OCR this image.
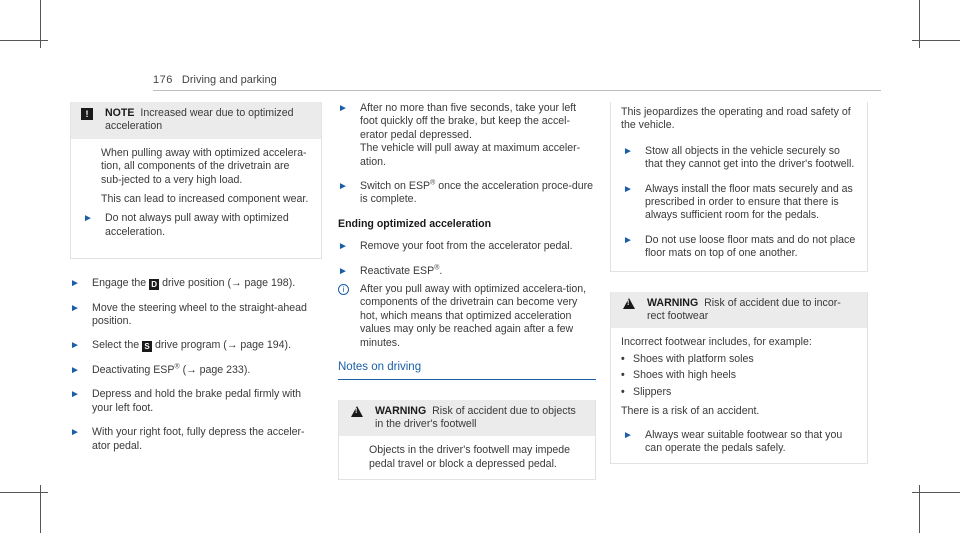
176 Driving and parking
!	NOTE Increased wear due to optimized acceleration

When pulling away with optimized accelera-tion, all components of the drivetrain are sub-jected to a very high load.

This can lead to increased component wear.

►	Do not always pull away with optimized acceleration.
►	Engage the D drive position (→ page 198).
►	Move the steering wheel to the straight-ahead position.
►	Select the S drive program (→ page 194).
►	Deactivating ESP® (→ page 233).
►	Depress and hold the brake pedal firmly with your left foot.
►	With your right foot, fully depress the acceler-ator pedal.
►	After no more than five seconds, take your left foot quickly off the brake, but keep the accel-erator pedal depressed.
The vehicle will pull away at maximum acceler-ation.
►	Switch on ESP® once the acceleration proce-dure is complete.
Ending optimized acceleration
►	Remove your foot from the accelerator pedal.
►	Reactivate ESP®.
i	After you pull away with optimized accelera-tion, components of the drivetrain can become very hot, which means that optimized acceleration values may only be reached again after a few minutes.
Notes on driving
!
WARNING Risk of accident due to objects in the driver's footwell

Objects in the driver's footwell may impede pedal travel or block a depressed pedal.

This jeopardizes the operating and road safety of the vehicle.

►	Stow all objects in the vehicle securely so that they cannot get into the driver's footwell.
►	Always install the floor mats securely and as prescribed in order to ensure that there is always sufficient room for the pedals.
►	Do not use loose floor mats and do not place floor mats on top of one another.
!
WARNING Risk of accident due to incor-rect footwear

Incorrect footwear includes, for example:

• Shoes with platform soles
• Shoes with high heels
• Slippers

There is a risk of an accident.

►	Always wear suitable footwear so that you can operate the pedals safely.
